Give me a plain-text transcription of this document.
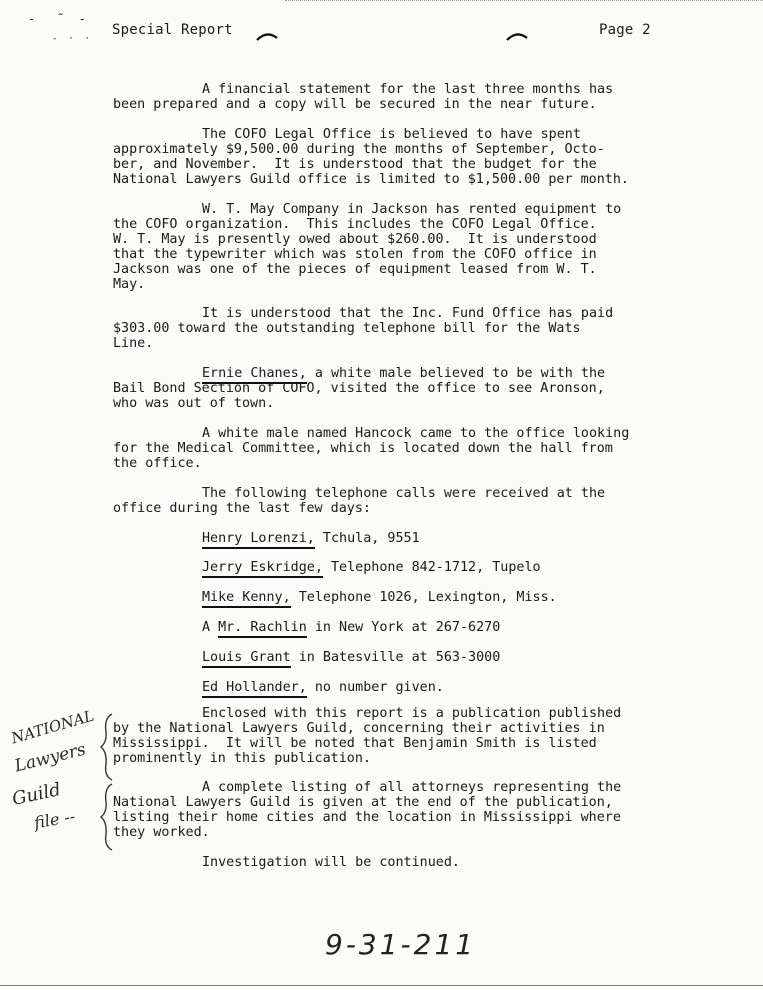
-   ˜  -
-  ·  ·
Special Report	Page 2

A financial statement for the last three months has
been prepared and a copy will be secured in the near future.

The COFO Legal Office is believed to have spent
approximately $9,500.00 during the months of September, Octo-
ber, and November.  It is understood that the budget for the
National Lawyers Guild office is limited to $1,500.00 per month.

W. T. May Company in Jackson has rented equipment to
the COFO organization.  This includes the COFO Legal Office.
W. T. May is presently owed about $260.00.  It is understood
that the typewriter which was stolen from the COFO office in
Jackson was one of the pieces of equipment leased from W. T.
May.

It is understood that the Inc. Fund Office has paid
$303.00 toward the outstanding telephone bill for the Wats
Line.

Ernie Chanes, a white male believed to be with the
Bail Bond Section of COFO, visited the office to see Aronson,
who was out of town.

A white male named Hancock came to the office looking
for the Medical Committee, which is located down the hall from
the office.

The following telephone calls were received at the
office during the last few days:

Henry Lorenzi, Tchula, 9551
Jerry Eskridge, Telephone 842-1712, Tupelo
Mike Kenny, Telephone 1026, Lexington, Miss.
A Mr. Rachlin in New York at 267-6270
Louis Grant in Batesville at 563-3000
Ed Hollander, no number given.

Enclosed with this report is a publication published
by the National Lawyers Guild, concerning their activities in
Mississippi.  It will be noted that Benjamin Smith is listed
prominently in this publication.

A complete listing of all attorneys representing the
National Lawyers Guild is given at the end of the publication,
listing their home cities and the location in Mississippi where
they worked.

Investigation will be continued.

NATIONAL
Lawyers
Guild
file --
9-31-211
